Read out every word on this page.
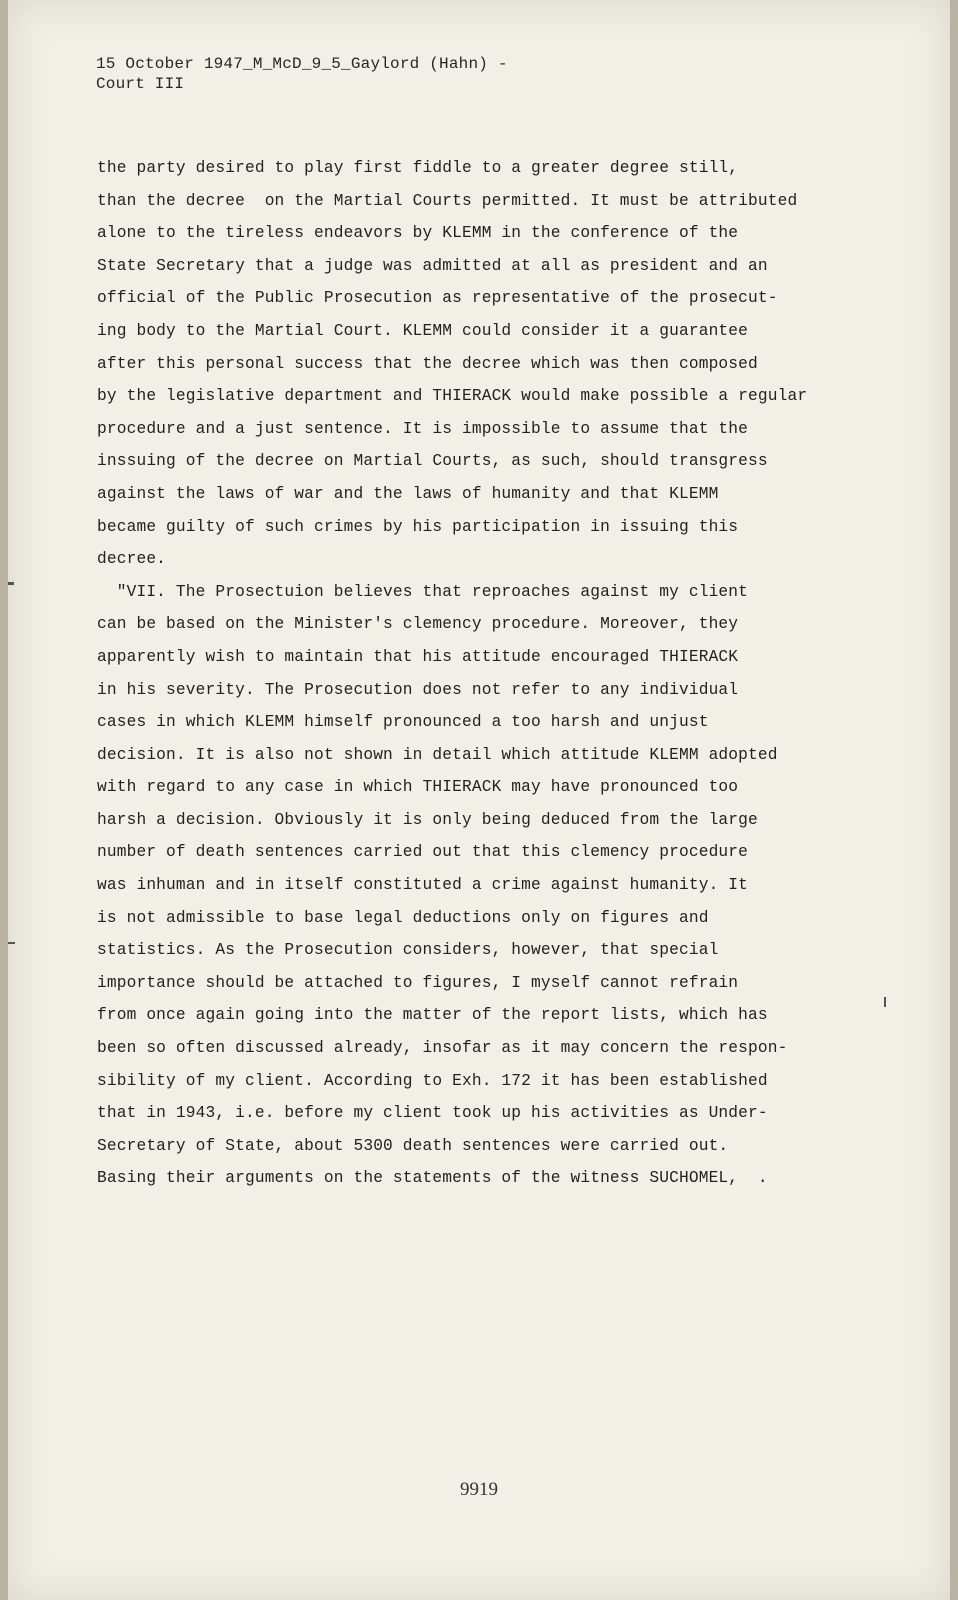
15 October 1947_M_McD_9_5_Gaylord (Hahn) -
Court III
the party desired to play first fiddle to a greater degree still,
than the decree  on the Martial Courts permitted. It must be attributed
alone to the tireless endeavors by KLEMM in the conference of the
State Secretary that a judge was admitted at all as president and an
official of the Public Prosecution as representative of the prosecut-
ing body to the Martial Court. KLEMM could consider it a guarantee
after this personal success that the decree which was then composed
by the legislative department and THIERACK would make possible a regular
procedure and a just sentence. It is impossible to assume that the
inssuing of the decree on Martial Courts, as such, should transgress
against the laws of war and the laws of humanity and that KLEMM
became guilty of such crimes by his participation in issuing this
decree.
"VII. The Prosectuion believes that reproaches against my client
can be based on the Minister's clemency procedure. Moreover, they
apparently wish to maintain that his attitude encouraged THIERACK
in his severity. The Prosecution does not refer to any individual
cases in which KLEMM himself pronounced a too harsh and unjust
decision. It is also not shown in detail which attitude KLEMM adopted
with regard to any case in which THIERACK may have pronounced too
harsh a decision. Obviously it is only being deduced from the large
number of death sentences carried out that this clemency procedure
was inhuman and in itself constituted a crime against humanity. It
is not admissible to base legal deductions only on figures and
statistics. As the Prosecution considers, however, that special
importance should be attached to figures, I myself cannot refrain
from once again going into the matter of the report lists, which has
been so often discussed already, insofar as it may concern the respon-
sibility of my client. According to Exh. 172 it has been established
that in 1943, i.e. before my client took up his activities as Under-
Secretary of State, about 5300 death sentences were carried out.
Basing their arguments on the statements of the witness SUCHOMEL,  .
9919
